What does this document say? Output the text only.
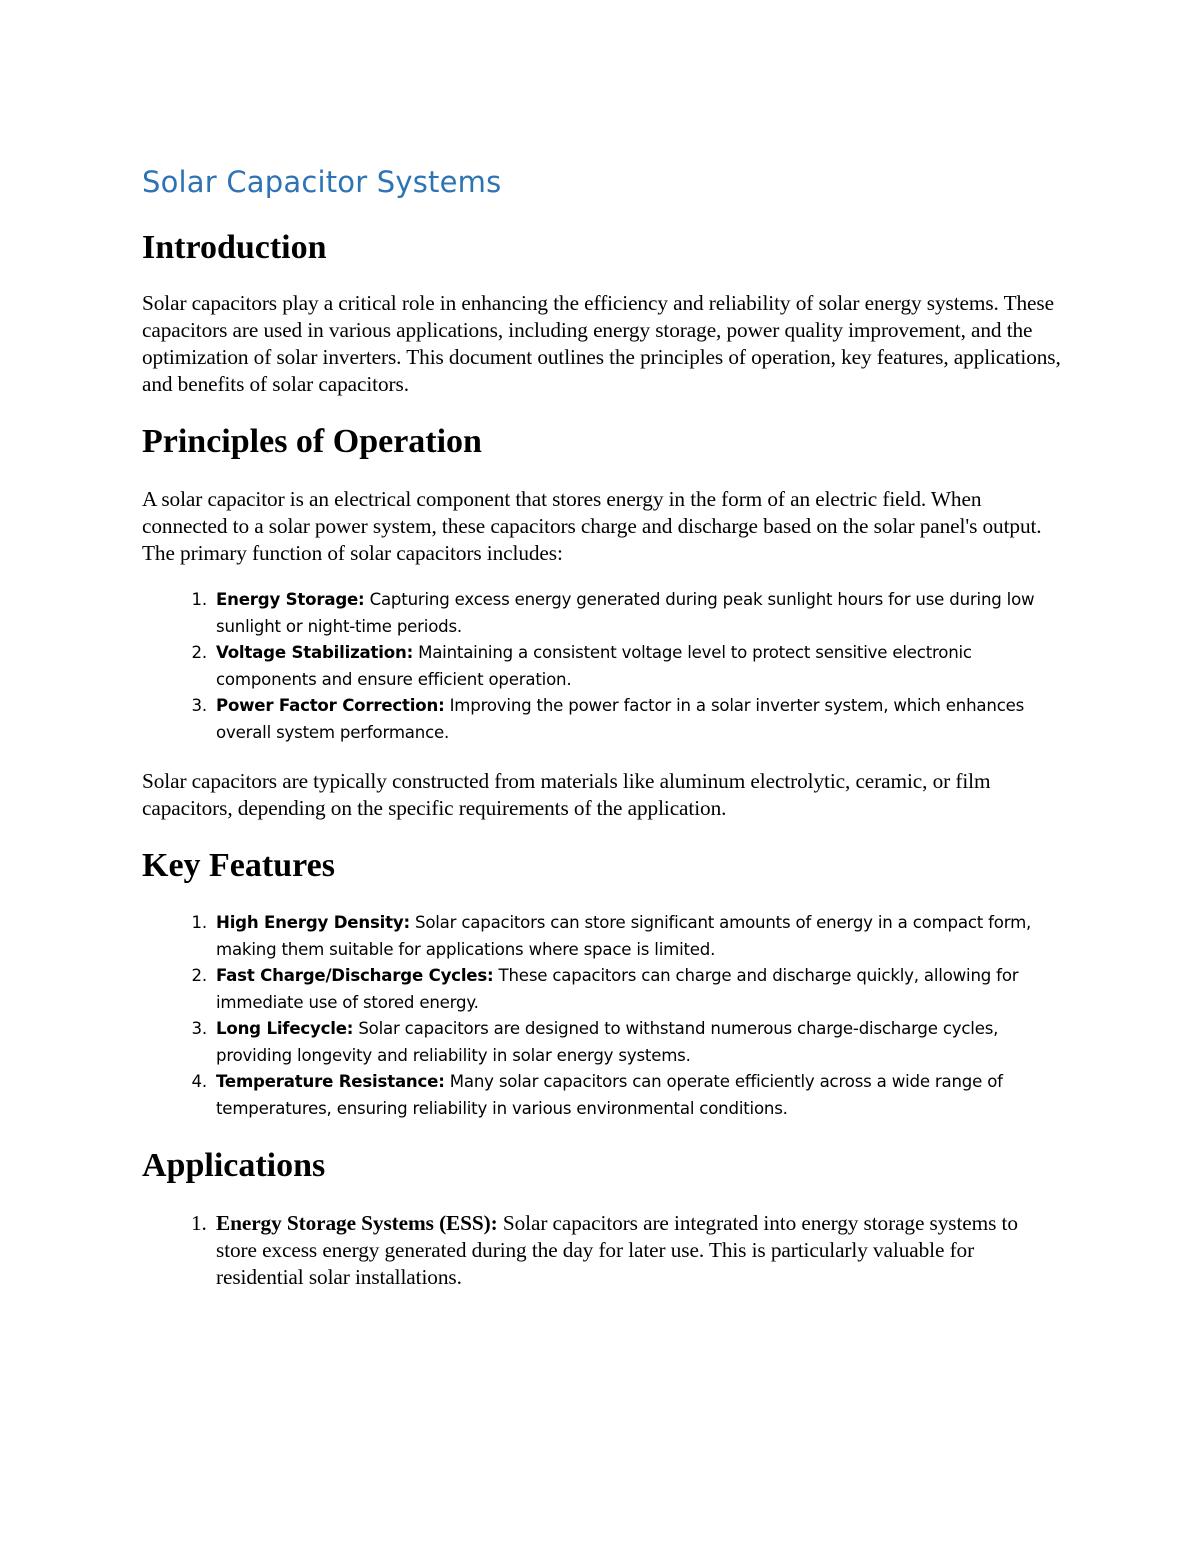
Solar Capacitor Systems
Introduction

Solar capacitors play a critical role in enhancing the efficiency and reliability of solar energy systems. These capacitors are used in various applications, including energy storage, power quality improvement, and the optimization of solar inverters. This document outlines the principles of operation, key features, applications, and benefits of solar capacitors.

Principles of Operation

A solar capacitor is an electrical component that stores energy in the form of an electric field. When connected to a solar power system, these capacitors charge and discharge based on the solar panel's output. The primary function of solar capacitors includes:

1. Energy Storage: Capturing excess energy generated during peak sunlight hours for use during low sunlight or night-time periods.
2. Voltage Stabilization: Maintaining a consistent voltage level to protect sensitive electronic components and ensure efficient operation.
3. Power Factor Correction: Improving the power factor in a solar inverter system, which enhances overall system performance.

Solar capacitors are typically constructed from materials like aluminum electrolytic, ceramic, or film capacitors, depending on the specific requirements of the application.

Key Features
1. High Energy Density: Solar capacitors can store significant amounts of energy in a compact form, making them suitable for applications where space is limited.
2. Fast Charge/Discharge Cycles: These capacitors can charge and discharge quickly, allowing for immediate use of stored energy.
3. Long Lifecycle: Solar capacitors are designed to withstand numerous charge-discharge cycles, providing longevity and reliability in solar energy systems.
4. Temperature Resistance: Many solar capacitors can operate efficiently across a wide range of temperatures, ensuring reliability in various environmental conditions.
Applications
1. Energy Storage Systems (ESS): Solar capacitors are integrated into energy storage systems to store excess energy generated during the day for later use. This is particularly valuable for residential solar installations.
